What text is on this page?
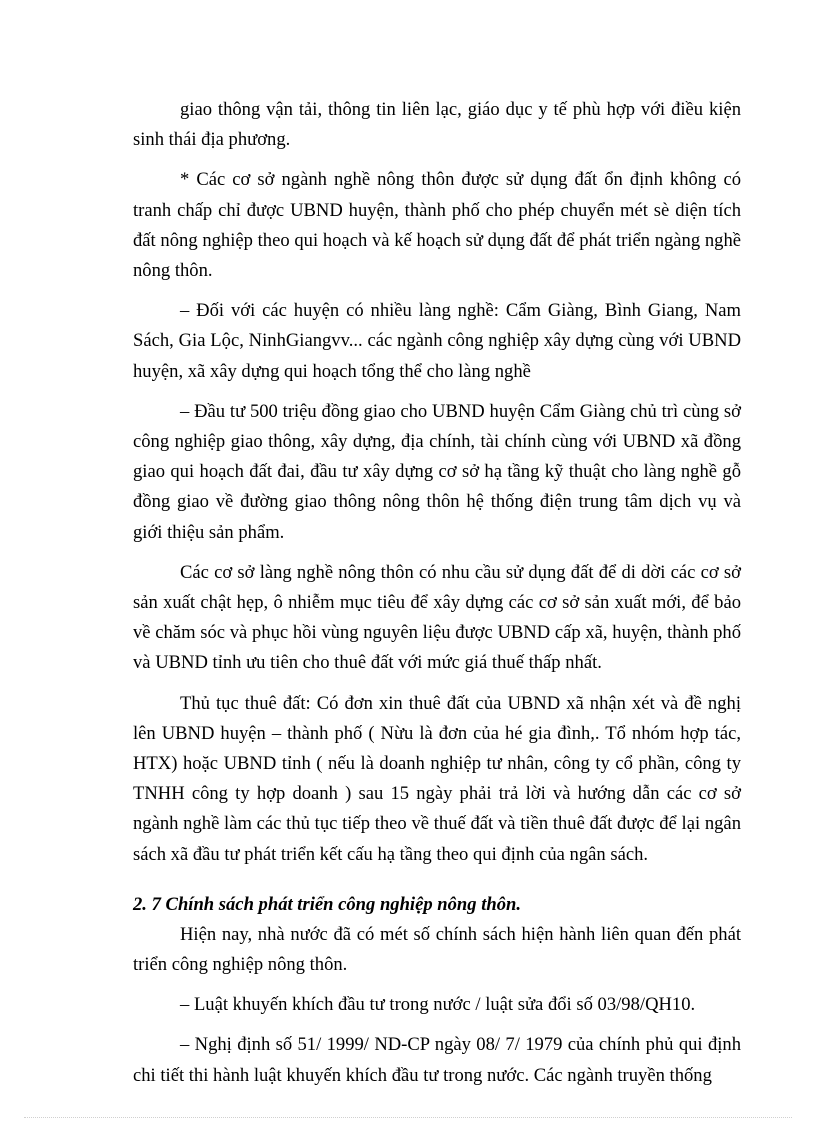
giao thông vận tải, thông tin liên lạc, giáo dục y tế phù hợp với điều kiện sinh thái địa phương.

* Các cơ sở ngành nghề nông thôn được sử dụng đất ổn định không có tranh chấp chỉ được UBND huyện, thành phố cho phép chuyển mét sè diện tích đất nông nghiệp theo qui hoạch và kế hoạch sử dụng đất để phát triển ngàng nghề nông thôn.

– Đối với các huyện có nhiều làng nghề: Cẩm Giàng, Bình Giang, Nam Sách, Gia Lộc, NinhGiangvv... các ngành công nghiệp xây dựng cùng với UBND huyện, xã xây dựng qui hoạch tổng thể cho làng nghề

– Đầu tư 500 triệu đồng giao cho UBND huyện Cẩm Giàng chủ trì cùng sở công nghiệp giao thông, xây dựng, địa chính, tài chính cùng với UBND xã đồng giao qui hoạch đất đai, đầu tư xây dựng cơ sở hạ tầng kỹ thuật cho làng nghề gỗ đồng giao về đường giao thông nông thôn hệ thống điện trung tâm dịch vụ và giới thiệu sản phẩm.

Các cơ sở làng nghề nông thôn có nhu cầu sử dụng đất để di dời các cơ sở sản xuất chật hẹp, ô nhiễm mục tiêu để xây dựng các cơ sở sản xuất mới, để bảo về chăm sóc và phục hồi vùng nguyên liệu được UBND cấp xã, huyện, thành phố và UBND tỉnh ưu tiên cho thuê đất với mức giá thuế thấp nhất.

Thủ tục thuê đất: Có đơn xin thuê đất của UBND xã nhận xét và đề nghị lên UBND huyện – thành phố ( Nừu là đơn của hé gia đình,. Tổ nhóm hợp tác, HTX) hoặc UBND tỉnh ( nếu là doanh nghiệp tư nhân, công ty cổ phần, công ty TNHH công ty hợp doanh ) sau 15 ngày phải trả lời và hướng dẫn các cơ sở ngành nghề làm các thủ tục tiếp theo về thuế đất và tiền thuê đất được để lại ngân sách xã đầu tư phát triển kết cấu hạ tầng theo qui định của ngân sách.

2. 7 Chính sách phát triển công nghiệp nông thôn.

Hiện nay, nhà nước đã có mét số chính sách hiện hành liên quan đến phát triển công nghiệp nông thôn.

– Luật khuyến khích đầu tư trong nước / luật sửa đổi số 03/98/QH10.

– Nghị định số 51/ 1999/ ND-CP ngày 08/ 7/ 1979 của chính phủ qui định chi tiết thi hành luật khuyến khích đầu tư trong nước. Các ngành truyền thống
